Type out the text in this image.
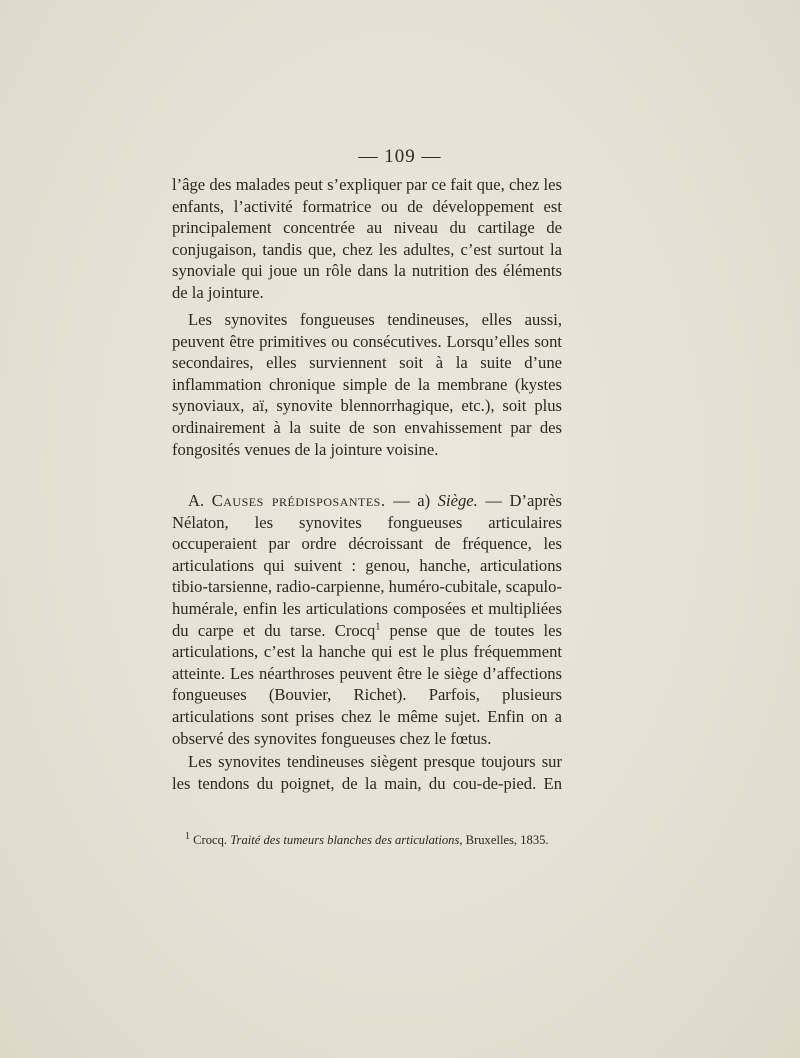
— 109 —

l’âge des malades peut s’expliquer par ce fait que, chez les enfants, l’activité formatrice ou de développement est principalement concentrée au niveau du cartilage de conjugaison, tandis que, chez les adultes, c’est surtout la synoviale qui joue un rôle dans la nutrition des éléments de la jointure.

Les synovites fongueuses tendineuses, elles aussi, peuvent être primitives ou consécutives. Lorsqu’elles sont secondaires, elles surviennent soit à la suite d’une inflammation chronique simple de la membrane (kystes synoviaux, aï, synovite blennorrhagique, etc.), soit plus ordinairement à la suite de son envahissement par des fongosités venues de la jointure voisine.

A. Causes prédisposantes. — a) Siège. — D’après Nélaton, les synovites fongueuses articulaires occuperaient par ordre décroissant de fréquence, les articulations qui suivent : genou, hanche, articulations tibio-tarsienne, radio-carpienne, huméro-cubitale, scapulo-humérale, enfin les articulations composées et multipliées du carpe et du tarse. Crocq$^1$ pense que de toutes les articulations, c’est la hanche qui est le plus fréquemment atteinte. Les néarthroses peuvent être le siège d’affections fongueuses (Bouvier, Richet). Parfois, plusieurs articulations sont prises chez le même sujet. Enfin on a observé des synovites fongueuses chez le fœtus.

Les synovites tendineuses siègent presque toujours sur les tendons du poignet, de la main, du cou-de-pied. En

$^1$ Crocq. Traité des tumeurs blanches des articulations, Bruxelles, 1835.
